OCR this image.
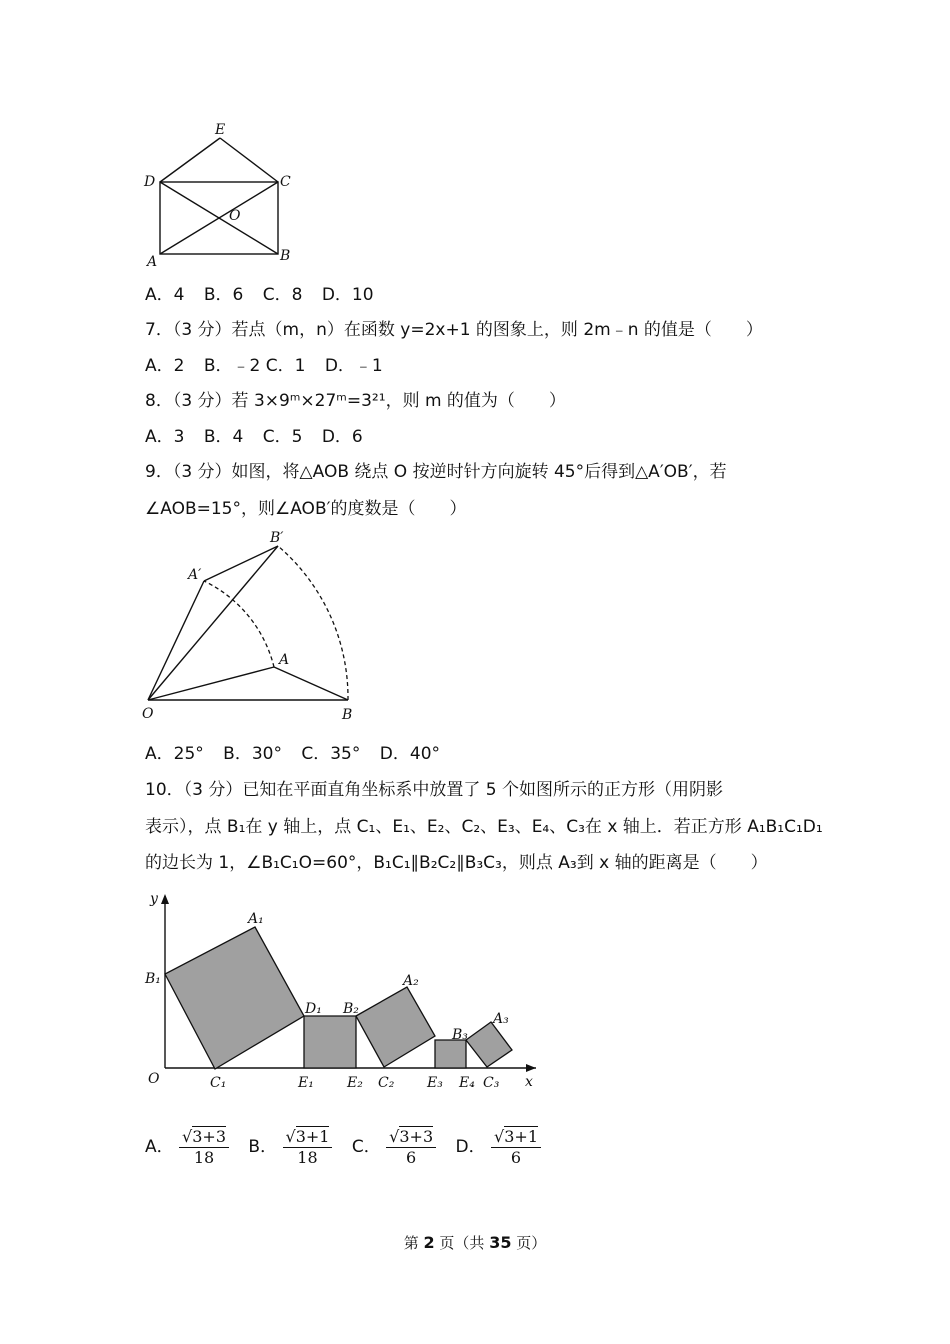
E
D	C
O
A	B
A．4 B．6 C．8 D．10
7．（3 分）若点（m，n）在函数 y=2x+1 的图象上，则 2m﹣n 的值是（　　）
A．2 B．﹣2 C．1 D．﹣1
8．（3 分）若 3×9ᵐ×27ᵐ=3²¹，则 m 的值为（　　）
A．3 B．4 C．5 D．6
9．（3 分）如图，将△AOB 绕点 O 按逆时针方向旋转 45°后得到△A′OB′，若
∠AOB=15°，则∠AOB′的度数是（　　）
B′
A′
A
O	B
A．25° B．30° C．35° D．40°
10．（3 分）已知在平面直角坐标系中放置了 5 个如图所示的正方形（用阴影
表示），点 B₁在 y 轴上，点 C₁、E₁、E₂、C₂、E₃、E₄、C₃在 x 轴上．若正方形 A₁B₁C₁D₁
的边长为 1，∠B₁C₁O=60°，B₁C₁∥B₂C₂∥B₃C₃，则点 A₃到 x 轴的距离是（　　）
y
x
O
A₁
B₁
C₁
D₁ B₂
A₂
E₁ E₂ C₂ E₃ E₄
B₃
A₃
C₃
A． $\frac{√3+3}{18}$ B． $\frac{√3+1}{18}$ C． $\frac{√3+3}{6}$ D． $\frac{√3+1}{6}$
第 2 页（共 35 页）
